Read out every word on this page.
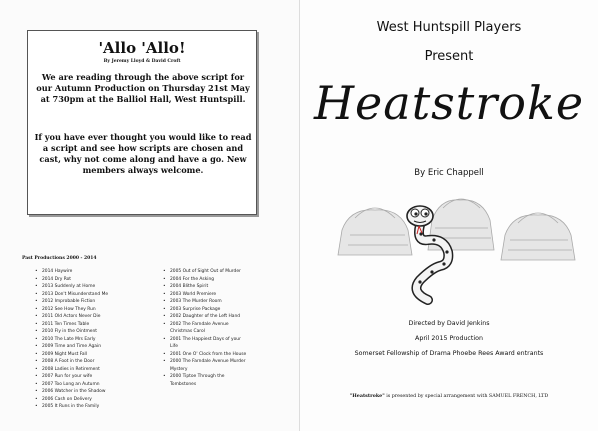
'Allo 'Allo!
By Jeremy Lloyd & David Croft
We are reading through the above script for our Autumn Production on Thursday 21st May at 730pm at the Balliol Hall, West Huntspill.
If you have ever thought you would like to read a script and see how scripts are chosen and cast, why not come along and have a go. New members always welcome.
Past Productions 2000 - 2014
• 2014 Haywire
• 2014 Dry Rot
• 2013 Suddenly at Home
• 2013 Don't Misunderstand Me
• 2012 Improbable Fiction
• 2012 See How They Run
• 2011 Old Actors Never Die
• 2011 Ten Times Table
• 2010 Fly in the Ointment
• 2010 The Late Mrs Early
• 2009 Time and Time Again
• 2009 Night Must Fall
• 2008 A Foot in the Door
• 2008 Ladies in Retirement
• 2007 Run for your wife
• 2007 Too Long an Autumn
• 2006 Watcher in the Shadow
• 2006 Cash on Delivery
• 2005 It Runs in the Family
• 2005 Out of Sight Out of Murder
• 2004 For the Asking
• 2004 Blithe Spirit
• 2003 World Premiere
• 2003 The Murder Room
• 2003 Surprise Package
• 2002 Daughter of the Left Hand
• 2002 The Farndale Avenue
Christmas Carol
• 2001 The Happiest Days of your
Life
• 2001 One O' Clock from the House
• 2000 The Farndale Avenue Murder
Mystery
• 2000 Tiptoe Through the
Tombstones
West Huntspill Players
Present
Heatstroke
By Eric Chappell
Directed by David Jenkins
April 2015 Production
Somerset Fellowship of Drama Phoebe Rees Award entrants
"Heatstroke" is presented by special arrangement with SAMUEL FRENCH, LTD
